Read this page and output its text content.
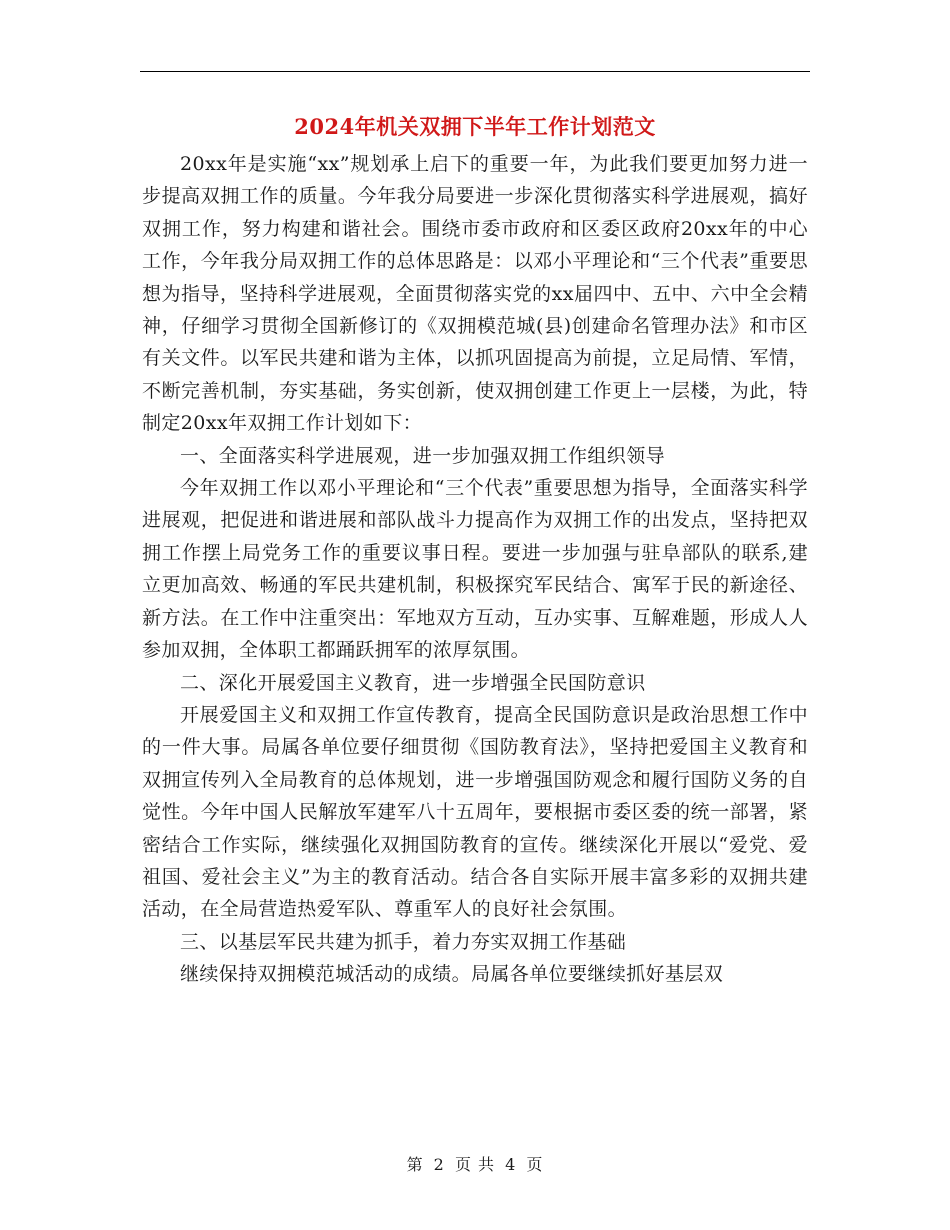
2024年机关双拥下半年工作计划范文

20xx年是实施“xx”规划承上启下的重要一年，为此我们要更加努力进一步提高双拥工作的质量。今年我分局要进一步深化贯彻落实科学进展观，搞好双拥工作，努力构建和谐社会。围绕市委市政府和区委区政府20xx年的中心工作，今年我分局双拥工作的总体思路是：以邓小平理论和“三个代表”重要思想为指导，坚持科学进展观，全面贯彻落实党的xx届四中、五中、六中全会精神，仔细学习贯彻全国新修订的《双拥模范城(县)创建命名管理办法》和市区有关文件。以军民共建和谐为主体，以抓巩固提高为前提，立足局情、军情，不断完善机制，夯实基础，务实创新，使双拥创建工作更上一层楼，为此，特制定20xx年双拥工作计划如下：

一、全面落实科学进展观，进一步加强双拥工作组织领导

今年双拥工作以邓小平理论和“三个代表”重要思想为指导，全面落实科学进展观，把促进和谐进展和部队战斗力提高作为双拥工作的出发点，坚持把双拥工作摆上局党务工作的重要议事日程。要进一步加强与驻阜部队的联系,建立更加高效、畅通的军民共建机制，积极探究军民结合、寓军于民的新途径、新方法。在工作中注重突出：军地双方互动，互办实事、互解难题，形成人人参加双拥，全体职工都踊跃拥军的浓厚氛围。

二、深化开展爱国主义教育，进一步增强全民国防意识

开展爱国主义和双拥工作宣传教育，提高全民国防意识是政治思想工作中的一件大事。局属各单位要仔细贯彻《国防教育法》，坚持把爱国主义教育和双拥宣传列入全局教育的总体规划，进一步增强国防观念和履行国防义务的自觉性。今年中国人民解放军建军八十五周年，要根据市委区委的统一部署，紧密结合工作实际，继续强化双拥国防教育的宣传。继续深化开展以“爱党、爱祖国、爱社会主义”为主的教育活动。结合各自实际开展丰富多彩的双拥共建活动，在全局营造热爱军队、尊重军人的良好社会氛围。

三、以基层军民共建为抓手，着力夯实双拥工作基础

继续保持双拥模范城活动的成绩。局属各单位要继续抓好基层双

第 2 页 共 4 页
